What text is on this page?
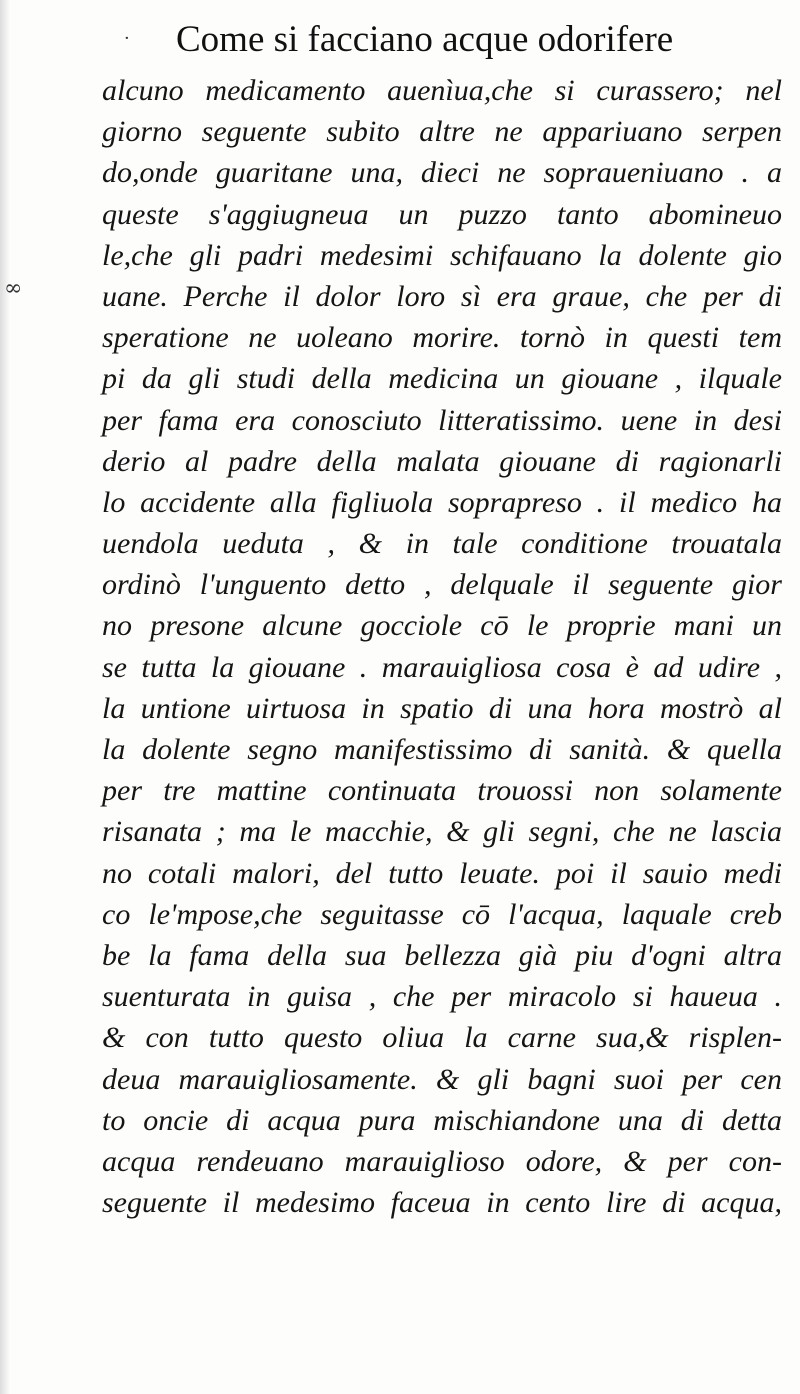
·
∞
Come si facciano acque odorifere
alcuno medicamento auenìua,che si curassero; nel
giorno seguente subito altre ne appariuano serpen
do,onde guaritane una, dieci ne sopraueniuano . a
queste s'aggiugneua un puzzo tanto abomineuo
le,che gli padri medesimi schifauano la dolente gio
uane. Perche il dolor loro sì era graue, che per di
speratione ne uoleano morire. tornò in questi tem
pi da gli studi della medicina un giouane , ilquale
per fama era conosciuto litteratissimo. uene in desi
derio al padre della malata giouane di ragionarli
lo accidente alla figliuola soprapreso . il medico ha
uendola ueduta , & in tale conditione trouatala
ordinò l'unguento detto , delquale il seguente gior
no presone alcune gocciole cō le proprie mani un
se tutta la giouane . marauigliosa cosa è ad udire ,
la untione uirtuosa in spatio di una hora mostrò al
la dolente segno manifestissimo di sanità. & quella
per tre mattine continuata trouossi non solamente
risanata ; ma le macchie, & gli segni, che ne lascia
no cotali malori, del tutto leuate. poi il sauio medi
co le'mpose,che seguitasse cō l'acqua, laquale creb
be la fama della sua bellezza già piu d'ogni altra
suenturata in guisa , che per miracolo si haueua .
& con tutto questo oliua la carne sua,& risplen-
deua marauigliosamente. & gli bagni suoi per cen
to oncie di acqua pura mischiandone una di detta
acqua rendeuano marauiglioso odore, & per con-
seguente il medesimo faceua in cento lire di acqua,
